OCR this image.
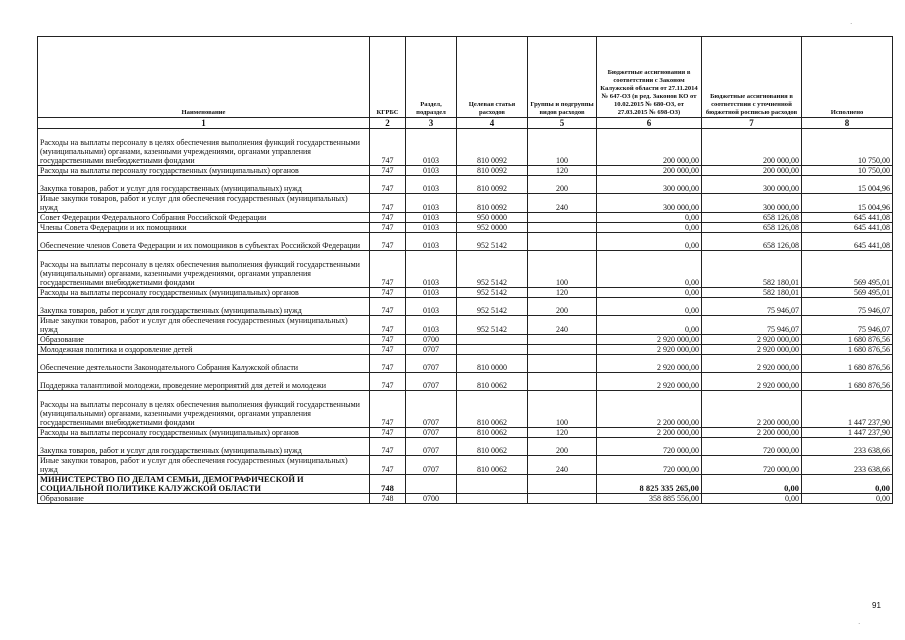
Наименование	КГРБС	Раздел, подраздел	Целевая статья расходов	Группы и подгруппы видов расходов	Бюджетные ассигнования в соответствии с Законом Калужской области от 27.11.2014 № 647-ОЗ (в ред. Законов КО от 10.02.2015 № 680-ОЗ, от 27.03.2015 № 698-ОЗ)	Бюджетные ассигнования в соответствии с уточненной бюджетной росписью расходов	Исполнено
1	2	3	4	5	6	7	8
Расходы на выплаты персоналу в целях обеспечения выполнения функций государственными (муниципальными) органами, казенными учреждениями, органами управления государственными внебюджетными фондами	747	0103	810 0092	100	200 000,00	200 000,00	10 750,00
Расходы на выплаты персоналу государственных (муниципальных) органов	747	0103	810 0092	120	200 000,00	200 000,00	10 750,00
Закупка товаров, работ и услуг для государственных (муниципальных) нужд	747	0103	810 0092	200	300 000,00	300 000,00	15 004,96
Иные закупки товаров, работ и услуг для обеспечения государственных (муниципальных) нужд	747	0103	810 0092	240	300 000,00	300 000,00	15 004,96
Совет Федерации Федерального Собрания Российской Федерации	747	0103	950 0000		0,00	658 126,08	645 441,08
Члены Совета Федерации и их помощники	747	0103	952 0000		0,00	658 126,08	645 441,08
Обеспечение членов Совета Федерации и их помощников в субъектах Российской Федерации	747	0103	952 5142		0,00	658 126,08	645 441,08
Расходы на выплаты персоналу в целях обеспечения выполнения функций государственными (муниципальными) органами, казенными учреждениями, органами управления государственными внебюджетными фондами	747	0103	952 5142	100	0,00	582 180,01	569 495,01
Расходы на выплаты персоналу государственных (муниципальных) органов	747	0103	952 5142	120	0,00	582 180,01	569 495,01
Закупка товаров, работ и услуг для государственных (муниципальных) нужд	747	0103	952 5142	200	0,00	75 946,07	75 946,07
Иные закупки товаров, работ и услуг для обеспечения государственных (муниципальных) нужд	747	0103	952 5142	240	0,00	75 946,07	75 946,07
Образование	747	0700			2 920 000,00	2 920 000,00	1 680 876,56
Молодежная политика и оздоровление детей	747	0707			2 920 000,00	2 920 000,00	1 680 876,56
Обеспечение деятельности Законодательного Собрания Калужской области	747	0707	810 0000		2 920 000,00	2 920 000,00	1 680 876,56
Поддержка талантливой молодежи, проведение мероприятий для детей и молодежи	747	0707	810 0062		2 920 000,00	2 920 000,00	1 680 876,56
Расходы на выплаты персоналу в целях обеспечения выполнения функций государственными (муниципальными) органами, казенными учреждениями, органами управления государственными внебюджетными фондами	747	0707	810 0062	100	2 200 000,00	2 200 000,00	1 447 237,90
Расходы на выплаты персоналу государственных (муниципальных) органов	747	0707	810 0062	120	2 200 000,00	2 200 000,00	1 447 237,90
Закупка товаров, работ и услуг для государственных (муниципальных) нужд	747	0707	810 0062	200	720 000,00	720 000,00	233 638,66
Иные закупки товаров, работ и услуг для обеспечения государственных (муниципальных) нужд	747	0707	810 0062	240	720 000,00	720 000,00	233 638,66
МИНИСТЕРСТВО ПО ДЕЛАМ СЕМЬИ, ДЕМОГРАФИЧЕСКОЙ И СОЦИАЛЬНОЙ ПОЛИТИКЕ КАЛУЖСКОЙ ОБЛАСТИ	748				8 825 335 265,00	0,00	0,00
Образование	748	0700			358 885 556,00	0,00	0,00
91
·
·
